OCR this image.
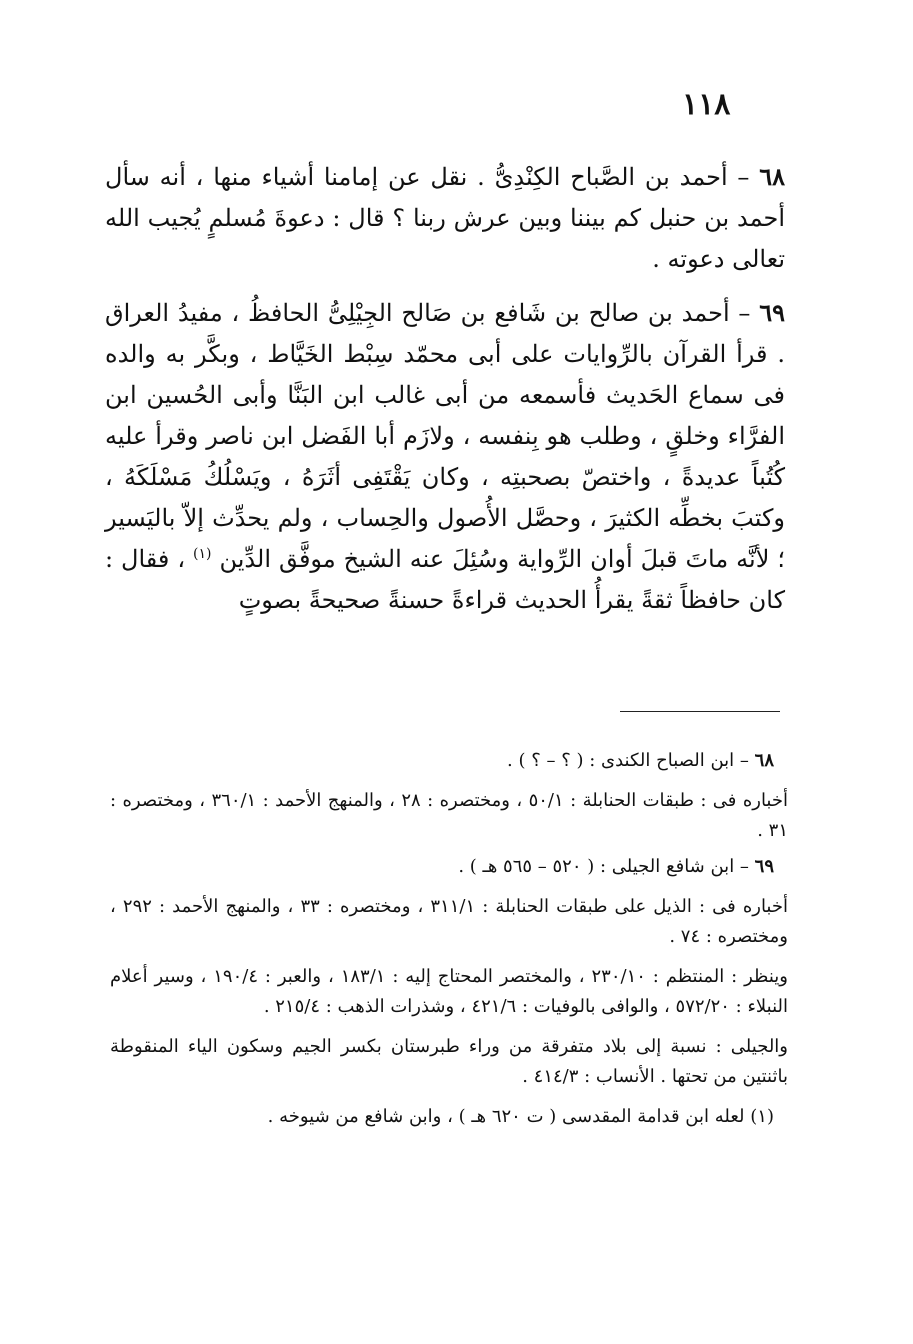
١١٨

٦٨ – أحمد بن الصَّباح الكِنْدِىُّ . نقل عن إمامنا أشياء منها ، أنه سأل أحمد بن حنبل كم بيننا وبين عرش ربنا ؟ قال : دعوةَ مُسلمٍ يُجيب الله تعالى دعوته .

٦٩ – أحمد بن صالح بن شَافع بن صَالح الجِيْلِىُّ الحافظُ ، مفيدُ العراق . قرأ القرآن بالرِّوايات على أبى محمّد سِبْط الخَيَّاط ، وبكَّر به والده فى سماع الحَديث فأسمعه من أبى غالب ابن البَنَّا وأبى الحُسين ابن الفرَّاء وخلقٍ ، وطلب هو بِنفسه ، ولازَم أبا الفَضل ابن ناصر وقرأ عليه كُتُباً عديدةً ، واختصّ بصحبتِه ، وكان يَقْتَفِى أثَرَهُ ، ويَسْلُكُ مَسْلَكَهُ ، وكتبَ بخطِّه الكثيرَ ، وحصَّل الأُصول والحِساب ، ولم يحدِّث إلاّ باليَسير ؛ لأنَّه ماتَ قبلَ أوان الرِّواية وسُئِلَ عنه الشيخ موفَّق الدِّين $^{(١)}$ ، فقال : كان حافظاً ثقةً يقرأُ الحديث قراءةً حسنةً صحيحةً بصوتٍ

٦٨ – ابن الصباح الكندى : ( ؟ – ؟ ) .

أخباره فى : طبقات الحنابلة : ٥٠/١ ، ومختصره : ٢٨ ، والمنهج الأحمد : ٣٦٠/١ ، ومختصره : ٣١ .

٦٩ – ابن شافع الجيلى : ( ٥٢٠ – ٥٦٥ هـ ) .

أخباره فى : الذيل على طبقات الحنابلة : ٣١١/١ ، ومختصره : ٣٣ ، والمنهج الأحمد : ٢٩٢ ، ومختصره : ٧٤ .

وينظر : المنتظم : ٢٣٠/١٠ ، والمختصر المحتاج إليه : ١٨٣/١ ، والعبر : ١٩٠/٤ ، وسير أعلام النبلاء : ٥٧٢/٢٠ ، والوافى بالوفيات : ٤٢١/٦ ، وشذرات الذهب : ٢١٥/٤ .

والجيلى : نسبة إلى بلاد متفرقة من وراء طبرستان بكسر الجيم وسكون الياء المنقوطة باثنتين من تحتها . الأنساب : ٤١٤/٣ .

(١) لعله ابن قدامة المقدسى ( ت ٦٢٠ هـ ) ، وابن شافع من شيوخه .
